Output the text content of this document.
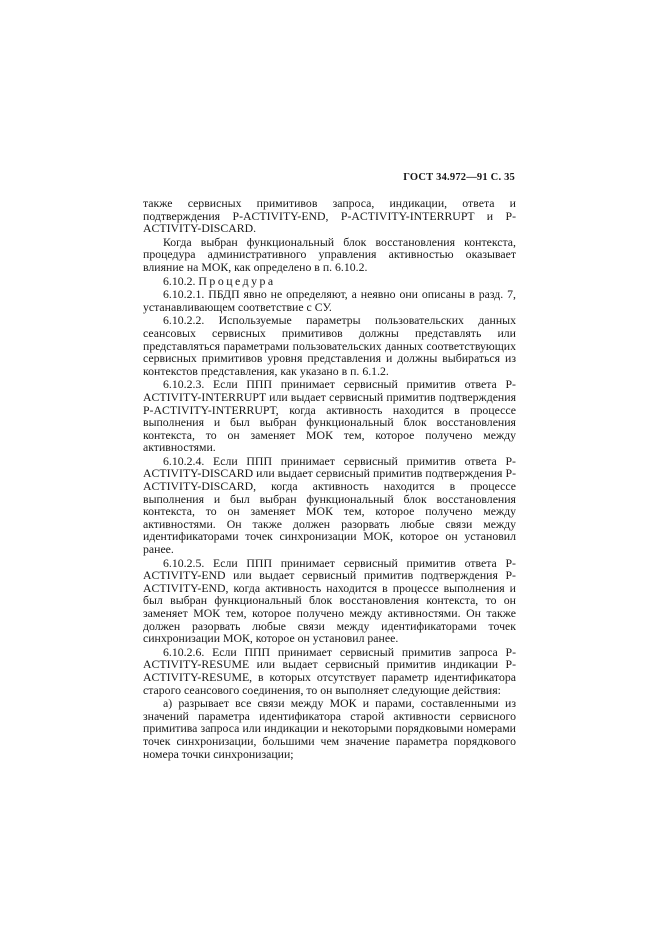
ГОСТ 34.972—91 С. 35

также сервисных примитивов запроса, индикации, ответа и подтверждения P-ACTIVITY-END, P-ACTIVITY-INTERRUPT и P-ACTIVITY-DISCARD.

Когда выбран функциональный блок восстановления контекста, процедура административного управления активностью оказывает влияние на МОК, как определено в п. 6.10.2.

6.10.2. Процедура

6.10.2.1. ПБДП явно не определяют, а неявно они описаны в разд. 7, устанавливающем соответствие с СУ.

6.10.2.2. Используемые параметры пользовательских данных сеансовых сервисных примитивов должны представлять или представляться параметрами пользовательских данных соответствующих сервисных примитивов уровня представления и должны выбираться из контекстов представления, как указано в п. 6.1.2.

6.10.2.3. Если ППП принимает сервисный примитив ответа P-ACTIVITY-INTERRUPT или выдает сервисный примитив подтверждения P-ACTIVITY-INTERRUPT, когда активность находится в процессе выполнения и был выбран функциональный блок восстановления контекста, то он заменяет МОК тем, которое получено между активностями.

6.10.2.4. Если ППП принимает сервисный примитив ответа P-ACTIVITY-DISCARD или выдает сервисный примитив подтверждения P-ACTIVITY-DISCARD, когда активность находится в процессе выполнения и был выбран функциональный блок восстановления контекста, то он заменяет МОК тем, которое получено между активностями. Он также должен разорвать любые связи между идентификаторами точек синхронизации МОК, которое он установил ранее.

6.10.2.5. Если ППП принимает сервисный примитив ответа P-ACTIVITY-END или выдает сервисный примитив подтверждения P-ACTIVITY-END, когда активность находится в процессе выполнения и был выбран функциональный блок восстановления контекста, то он заменяет МОК тем, которое получено между активностями. Он также должен разорвать любые связи между идентификаторами точек синхронизации МОК, которое он установил ранее.

6.10.2.6. Если ППП принимает сервисный примитив запроса P-ACTIVITY-RESUME или выдает сервисный примитив индикации P-ACTIVITY-RESUME, в которых отсутствует параметр идентификатора старого сеансового соединения, то он выполняет следующие действия:

а) разрывает все связи между МОК и парами, составленными из значений параметра идентификатора старой активности сервисного примитива запроса или индикации и некоторыми порядковыми номерами точек синхронизации, большими чем значение параметра порядкового номера точки синхронизации;
